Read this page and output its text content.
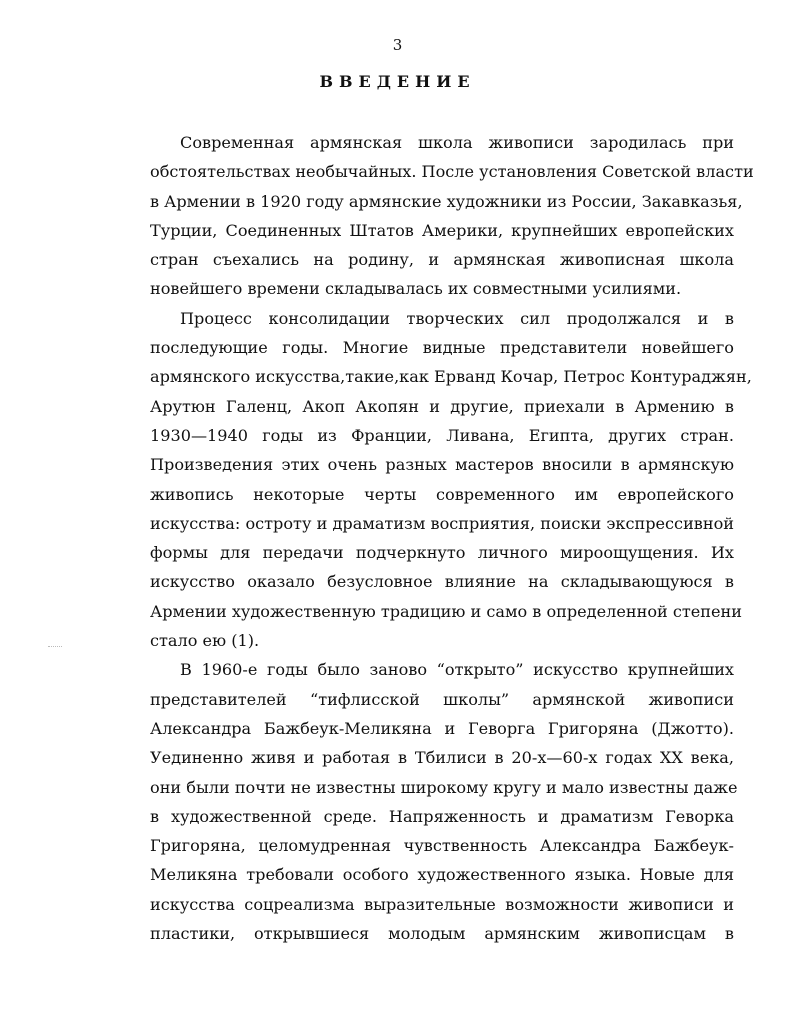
3
ВВЕДЕНИЕ
Современная армянская школа живописи зародилась при
обстоятельствах необычайных. После установления Советской власти
в Армении в 1920 году армянские художники из России, Закавказья,
Турции, Соединенных Штатов Америки, крупнейших европейских
стран съехались на родину, и армянская живописная школа
новейшего времени складывалась их совместными усилиями.
Процесс консолидации творческих сил продолжался и в
последующие годы. Многие видные представители новейшего
армянского искусства,такие,как Ерванд Кочар, Петрос Контураджян,
Арутюн Галенц, Акоп Акопян и другие, приехали в Армению в
1930—1940 годы из Франции, Ливана, Египта, других стран.
Произведения этих очень разных мастеров вносили в армянскую
живопись некоторые черты современного им европейского
искусства: остроту и драматизм восприятия, поиски экспрессивной
формы для передачи подчеркнуто личного мироощущения. Их
искусство оказало безусловное влияние на складывающуюся в
Армении художественную традицию и само в определенной степени
стало ею (1).
В 1960-е годы было заново “открыто” искусство крупнейших
представителей “тифлисской школы” армянской живописи
Александра Бажбеук-Меликяна и Геворга Григоряна (Джотто).
Уединенно живя и работая в Тбилиси в 20-х—60-х годах XX века,
они были почти не известны широкому кругу и мало известны даже
в художественной среде. Напряженность и драматизм Геворка
Григоряна, целомудренная чувственность Александра Бажбеук-
Меликяна требовали особого художественного языка. Новые для
искусства соцреализма выразительные возможности живописи и
пластики, открывшиеся молодым армянским живописцам в
